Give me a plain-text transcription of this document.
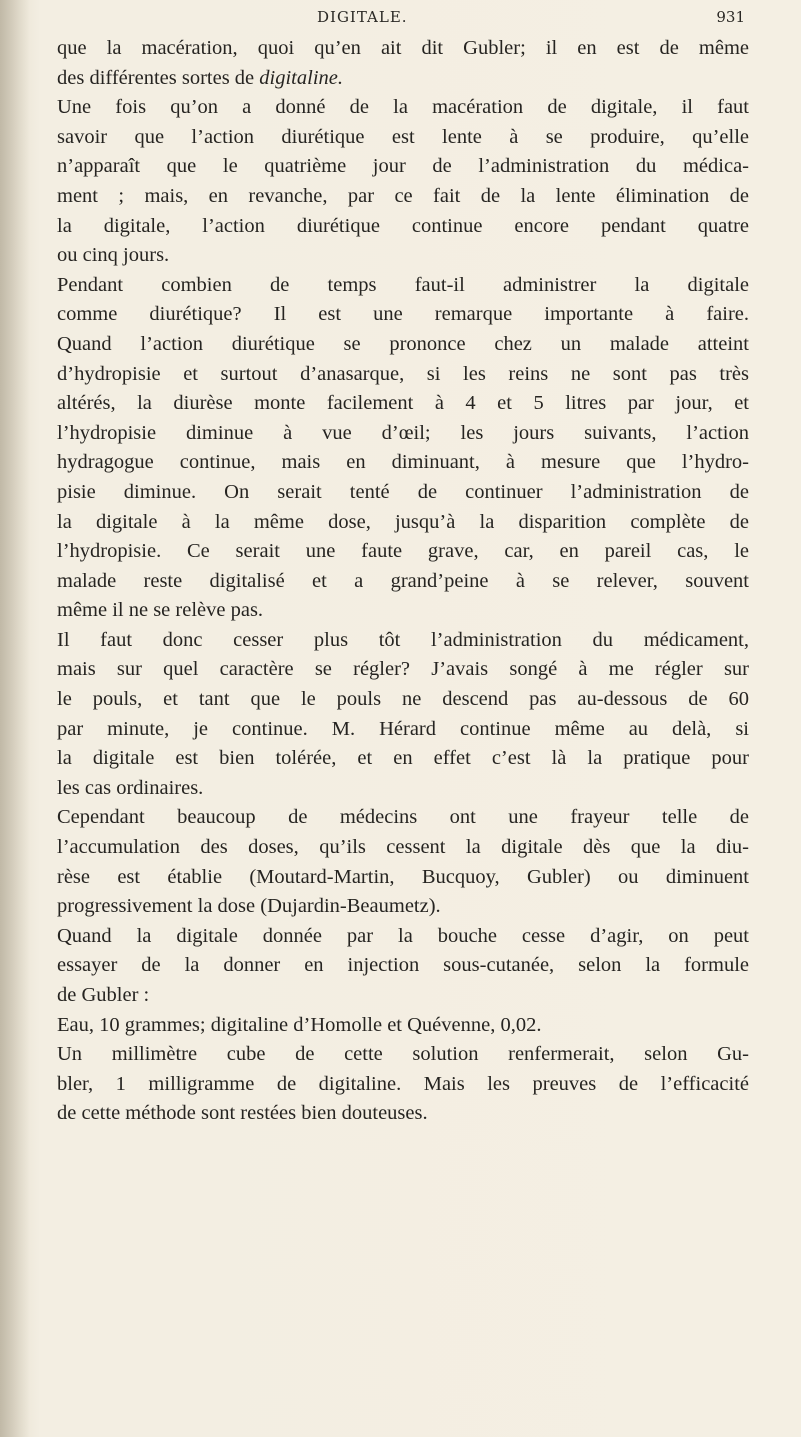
DIGITALE.	931
que la macération, quoi qu’en ait dit Gubler; il en est de même
des différentes sortes de digitaline.
Une fois qu’on a donné de la macération de digitale, il faut
savoir que l’action diurétique est lente à se produire, qu’elle
n’apparaît que le quatrième jour de l’administration du médica-
ment ; mais, en revanche, par ce fait de la lente élimination de
la digitale, l’action diurétique continue encore pendant quatre
ou cinq jours.
Pendant combien de temps faut-il administrer la digitale
comme diurétique? Il est une remarque importante à faire.
Quand l’action diurétique se prononce chez un malade atteint
d’hydropisie et surtout d’anasarque, si les reins ne sont pas très
altérés, la diurèse monte facilement à 4 et 5 litres par jour, et
l’hydropisie diminue à vue d’œil; les jours suivants, l’action
hydragogue continue, mais en diminuant, à mesure que l’hydro-
pisie diminue. On serait tenté de continuer l’administration de
la digitale à la même dose, jusqu’à la disparition complète de
l’hydropisie. Ce serait une faute grave, car, en pareil cas, le
malade reste digitalisé et a grand’peine à se relever, souvent
même il ne se relève pas.
Il faut donc cesser plus tôt l’administration du médicament,
mais sur quel caractère se régler? J’avais songé à me régler sur
le pouls, et tant que le pouls ne descend pas au-dessous de 60
par minute, je continue. M. Hérard continue même au delà, si
la digitale est bien tolérée, et en effet c’est là la pratique pour
les cas ordinaires.
Cependant beaucoup de médecins ont une frayeur telle de
l’accumulation des doses, qu’ils cessent la digitale dès que la diu-
rèse est établie (Moutard-Martin, Bucquoy, Gubler) ou diminuent
progressivement la dose (Dujardin-Beaumetz).
Quand la digitale donnée par la bouche cesse d’agir, on peut
essayer de la donner en injection sous-cutanée, selon la formule
de Gubler :
Eau, 10 grammes; digitaline d’Homolle et Quévenne, 0,02.
Un millimètre cube de cette solution renfermerait, selon Gu-
bler, 1 milligramme de digitaline. Mais les preuves de l’efficacité
de cette méthode sont restées bien douteuses.
